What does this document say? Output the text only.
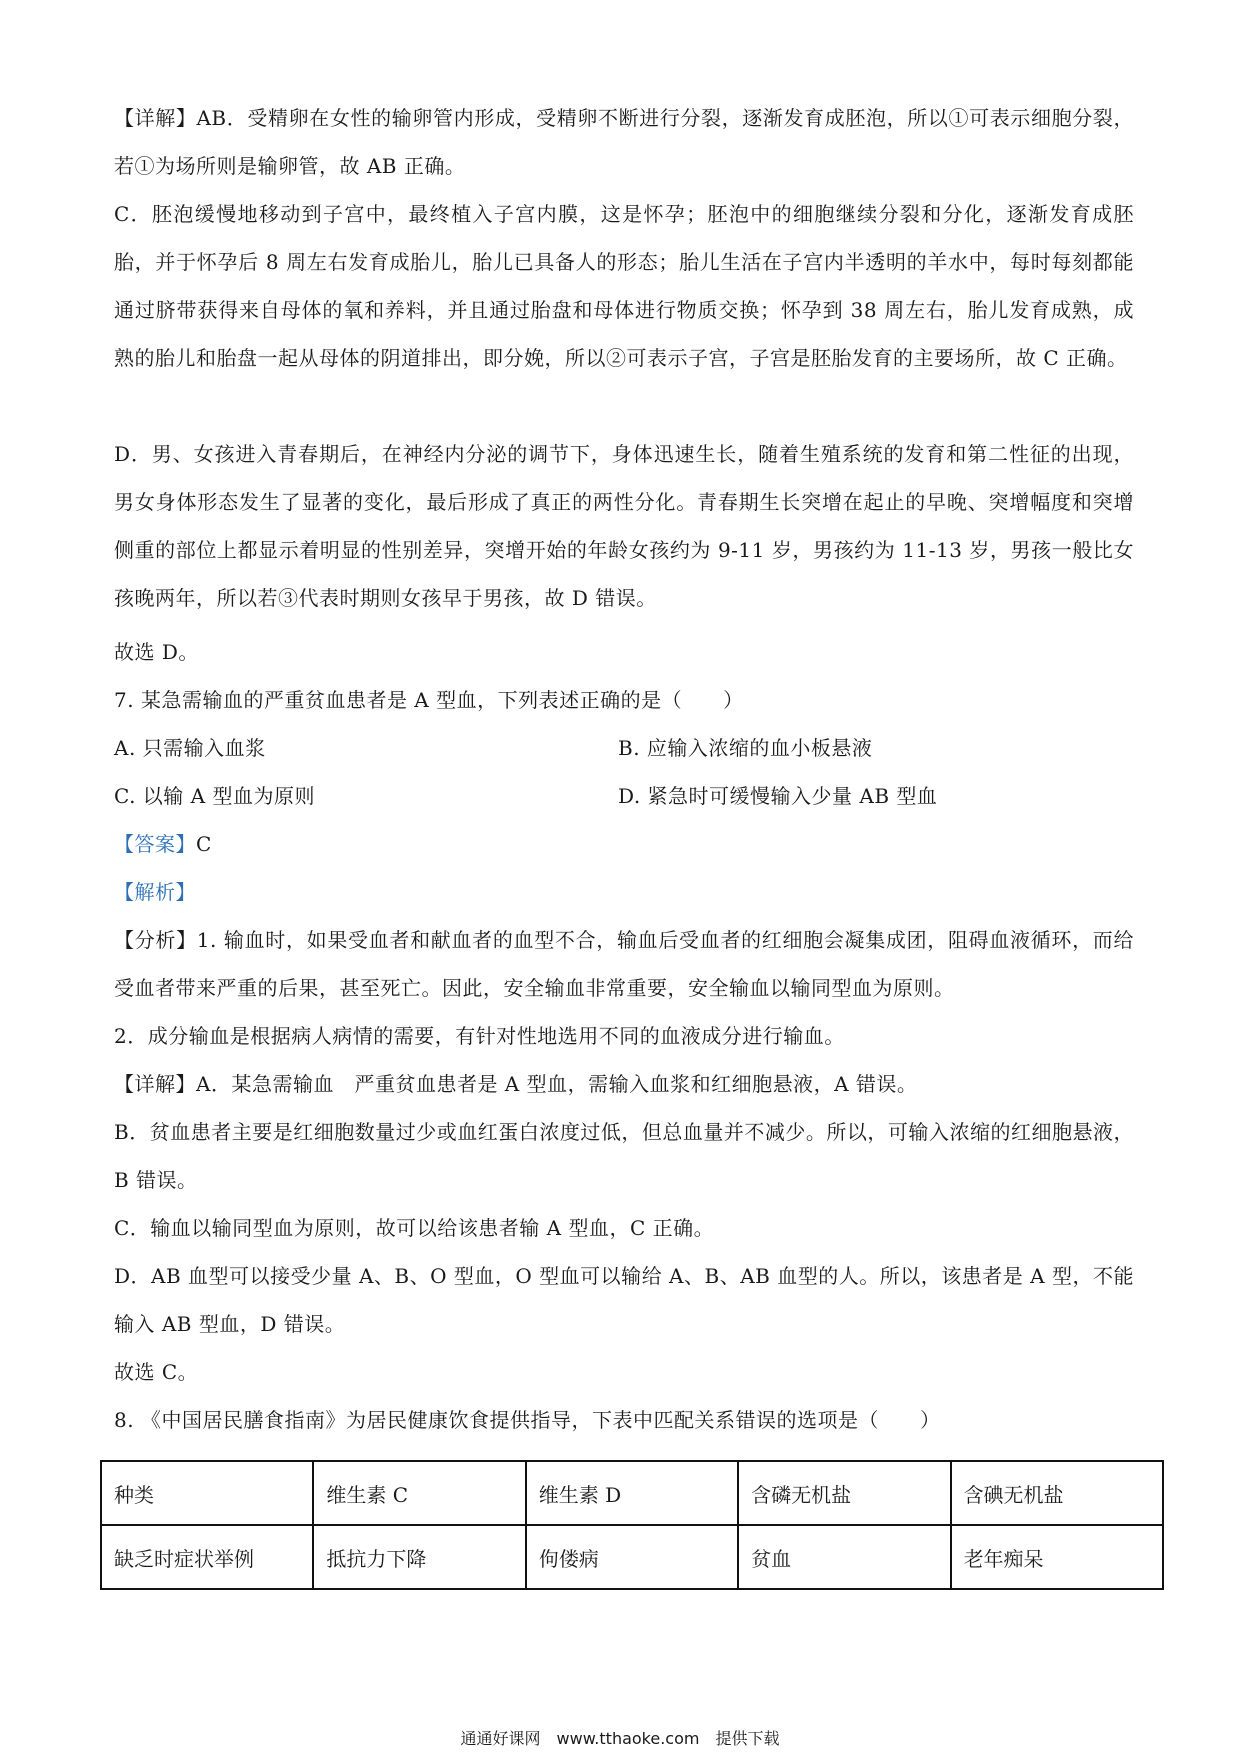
【详解】AB．受精卵在女性的输卵管内形成，受精卵不断进行分裂，逐渐发育成胚泡，所以①可表示细胞分裂，若①为场所则是输卵管，故 AB 正确。

C．胚泡缓慢地移动到子宫中，最终植入子宫内膜，这是怀孕；胚泡中的细胞继续分裂和分化，逐渐发育成胚胎，并于怀孕后 8 周左右发育成胎儿，胎儿已具备人的形态；胎儿生活在子宫内半透明的羊水中，每时每刻都能通过脐带获得来自母体的氧和养料，并且通过胎盘和母体进行物质交换；怀孕到 38 周左右，胎儿发育成熟，成熟的胎儿和胎盘一起从母体的阴道排出，即分娩，所以②可表示子宫，子宫是胚胎发育的主要场所，故 C 正确。

D．男、女孩进入青春期后，在神经内分泌的调节下，身体迅速生长，随着生殖系统的发育和第二性征的出现，男女身体形态发生了显著的变化，最后形成了真正的两性分化。青春期生长突增在起止的早晚、突增幅度和突增侧重的部位上都显示着明显的性别差异，突增开始的年龄女孩约为 9-11 岁，男孩约为 11-13 岁，男孩一般比女孩晚两年，所以若③代表时期则女孩早于男孩，故 D 错误。

故选 D。

7. 某急需输血的严重贫血患者是 A 型血，下列表述正确的是（　　）

A. 只需输入血浆	B. 应输入浓缩的血小板悬液
C. 以输 A 型血为原则	D. 紧急时可缓慢输入少量 AB 型血

【答案】C

【解析】

【分析】1. 输血时，如果受血者和献血者的血型不合，输血后受血者的红细胞会凝集成团，阻碍血液循环，而给受血者带来严重的后果，甚至死亡。因此，安全输血非常重要，安全输血以输同型血为原则。

2．成分输血是根据病人病情的需要，有针对性地选用不同的血液成分进行输血。

【详解】A．某急需输血　严重贫血患者是 A 型血，需输入血浆和红细胞悬液，A 错误。

B．贫血患者主要是红细胞数量过少或血红蛋白浓度过低，但总血量并不减少。所以，可输入浓缩的红细胞悬液，B 错误。

C．输血以输同型血为原则，故可以给该患者输 A 型血，C 正确。

D．AB 血型可以接受少量 A、B、O 型血，O 型血可以输给 A、B、AB 血型的人。所以，该患者是 A 型，不能输入 AB 型血，D 错误。

故选 C。

8. 《中国居民膳食指南》为居民健康饮食提供指导，下表中匹配关系错误的选项是（　　）

种类	维生素 C	维生素 D	含磷无机盐	含碘无机盐
缺乏时症状举例	抵抗力下降	佝偻病	贫血	老年痴呆
通通好课网　www.tthaoke.com　提供下载
